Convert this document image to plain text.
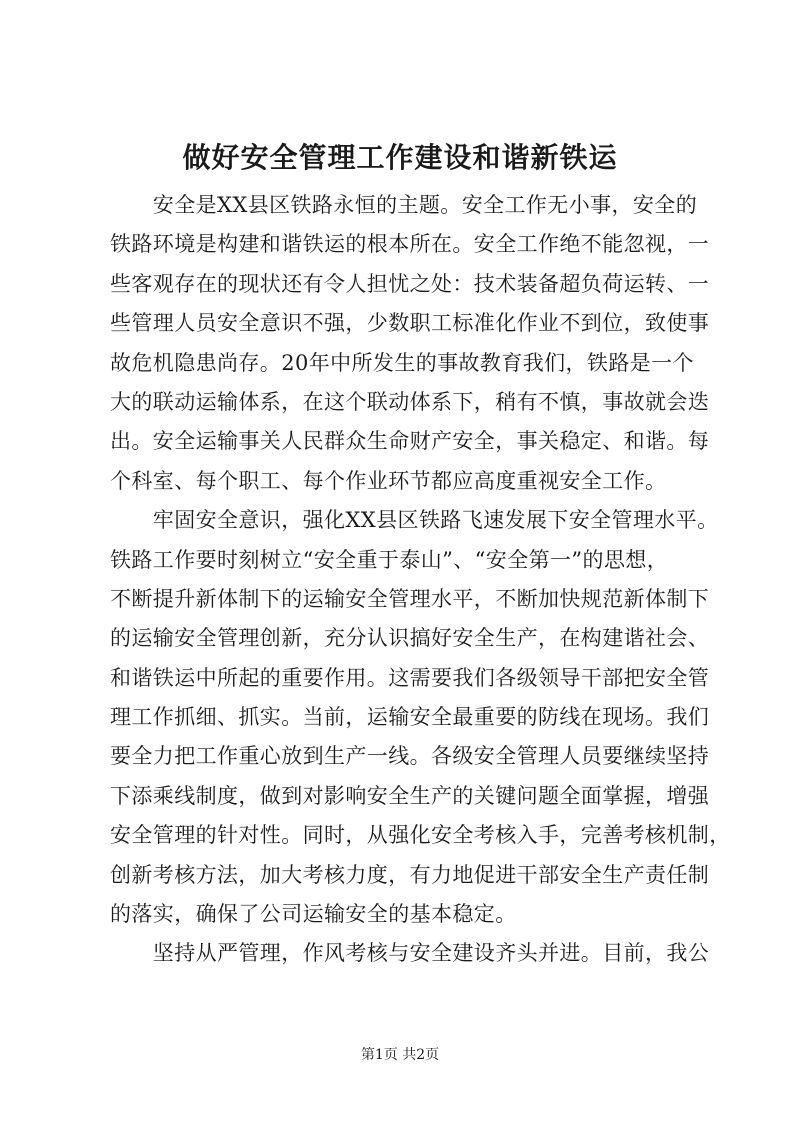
做好安全管理工作建设和谐新铁运
　　安全是XX县区铁路永恒的主题。安全工作无小事，安全的
铁路环境是构建和谐铁运的根本所在。安全工作绝不能忽视，一
些客观存在的现状还有令人担忧之处：技术装备超负荷运转、一
些管理人员安全意识不强，少数职工标准化作业不到位，致使事
故危机隐患尚存。20年中所发生的事故教育我们，铁路是一个
大的联动运输体系，在这个联动体系下，稍有不慎，事故就会迭
出。安全运输事关人民群众生命财产安全，事关稳定、和谐。每
个科室、每个职工、每个作业环节都应高度重视安全工作。
　　牢固安全意识，强化XX县区铁路飞速发展下安全管理水平。
铁路工作要时刻树立“安全重于泰山”、“安全第一”的思想，
不断提升新体制下的运输安全管理水平，不断加快规范新体制下
的运输安全管理创新，充分认识搞好安全生产，在构建谐社会、
和谐铁运中所起的重要作用。这需要我们各级领导干部把安全管
理工作抓细、抓实。当前，运输安全最重要的防线在现场。我们
要全力把工作重心放到生产一线。各级安全管理人员要继续坚持
下添乘线制度，做到对影响安全生产的关键问题全面掌握，增强
安全管理的针对性。同时，从强化安全考核入手，完善考核机制，
创新考核方法，加大考核力度，有力地促进干部安全生产责任制
的落实，确保了公司运输安全的基本稳定。
　　坚持从严管理，作风考核与安全建设齐头并进。目前，我公
第1页 共2页
